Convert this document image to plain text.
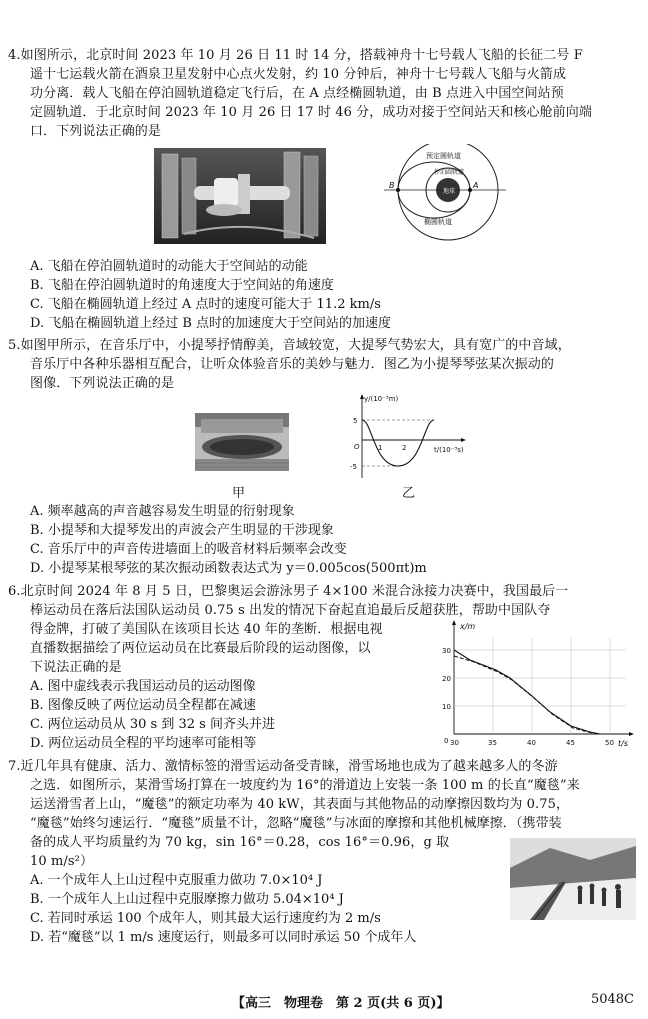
4.如图所示，北京时间 2023 年 10 月 26 日 11 时 14 分，搭载神舟十七号载人飞船的长征二号 F

遥十七运载火箭在酒泉卫星发射中心点火发射，约 10 分钟后，神舟十七号载人飞船与火箭成

功分离．载人飞船在停泊圆轨道稳定飞行后，在 A 点经椭圆轨道，由 B 点进入中国空间站预

定圆轨道．于北京时间 2023 年 10 月 26 日 17 时 46 分，成功对接于空间站天和核心舱前向端

口．下列说法正确的是

预定圆轨道
停泊圆轨道
地球
椭圆轨道
A
B

A. 飞船在停泊圆轨道时的动能大于空间站的动能

B. 飞船在停泊圆轨道时的角速度大于空间站的角速度

C. 飞船在椭圆轨道上经过 A 点时的速度可能大于 11.2 km/s

D. 飞船在椭圆轨道上经过 B 点时的加速度大于空间站的加速度

5.如图甲所示，在音乐厅中，小提琴抒情醇美，音域较宽，大提琴气势宏大，具有宽广的中音域，

音乐厅中各种乐器相互配合，让听众体验音乐的美妙与魅力．图乙为小提琴琴弦某次振动的

图像．下列说法正确的是

甲
y/(10⁻³m)
t/(10⁻³s)
5
-5
1	2
O
乙

A. 频率越高的声音越容易发生明显的衍射现象

B. 小提琴和大提琴发出的声波会产生明显的干涉现象

C. 音乐厅中的声音传进墙面上的吸音材料后频率会改变

D. 小提琴某根琴弦的某次振动函数表达式为 y＝0.005cos(500πt)m

6.北京时间 2024 年 8 月 5 日，巴黎奥运会游泳男子 4×100 米混合泳接力决赛中，我国最后一

棒运动员在落后法国队运动员 0.75 s 出发的情况下奋起直追最后反超获胜，帮助中国队夺

得金牌，打破了美国队在该项目长达 40 年的垄断．根据电视

直播数据描绘了两位运动员在比赛最后阶段的运动图像，以

下说法正确的是

A. 图中虚线表示我国运动员的运动图像

B. 图像反映了两位运动员全程都在减速

C. 两位运动员从 30 s 到 32 s 间齐头并进

D. 两位运动员全程的平均速率可能相等

x/m
t/s
0 30	35	40	45	50
30
20
10

7.近几年具有健康、活力、激情标签的滑雪运动备受青睐，滑雪场地也成为了越来越多人的冬游

之选．如图所示，某滑雪场打算在一坡度约为 16°的滑道边上安装一条 100 m 的长直“魔毯”来

运送滑雪者上山，“魔毯”的额定功率为 40 kW，其表面与其他物品的动摩擦因数均为 0.75，

“魔毯”始终匀速运行．“魔毯”质量不计，忽略“魔毯”与冰面的摩擦和其他机械摩擦．（携带装

备的成人平均质量约为 70 kg，sin 16°＝0.28，cos 16°＝0.96，g 取

10 m/s²）

A. 一个成年人上山过程中克服重力做功 7.0×10⁴ J

B. 一个成年人上山过程中克服摩擦力做功 5.04×10⁴ J

C. 若同时承运 100 个成年人，则其最大运行速度约为 2 m/s

D. 若“魔毯”以 1 m/s 速度运行，则最多可以同时承运 50 个成年人

【高三　物理卷　第 2 页(共 6 页)】	5048C
